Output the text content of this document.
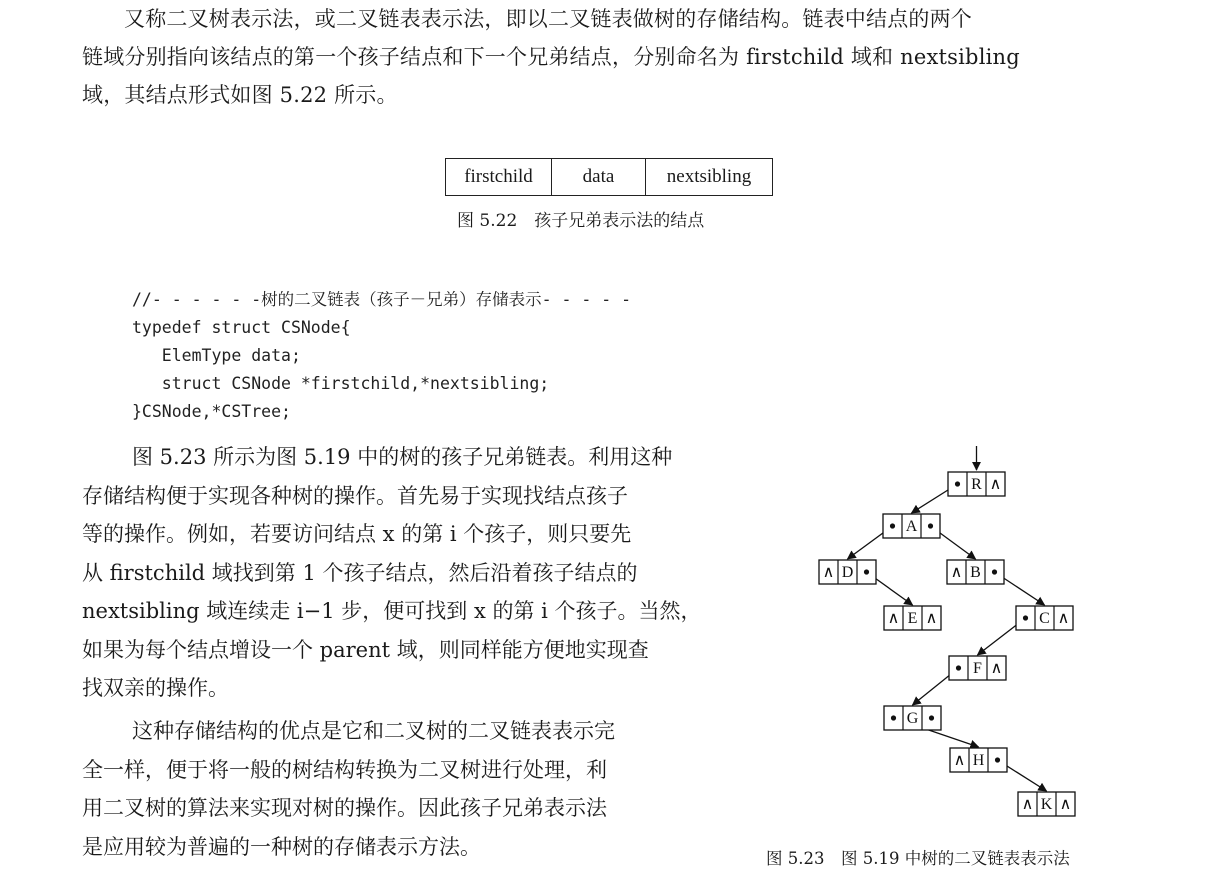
又称二叉树表示法，或二叉链表表示法，即以二叉链表做树的存储结构。链表中结点的两个
链域分别指向该结点的第一个孩子结点和下一个兄弟结点，分别命名为 firstchild 域和 nextsibling
域，其结点形式如图 5.22 所示。
firstchild	data	nextsibling
图 5.22　孩子兄弟表示法的结点
//- - - - - -树的二叉链表（孩子－兄弟）存储表示- - - - -
typedef struct CSNode{
ElemType data;
struct CSNode *firstchild,*nextsibling;
}CSNode,*CSTree;
图 5.23 所示为图 5.19 中的树的孩子兄弟链表。利用这种
存储结构便于实现各种树的操作。首先易于实现找结点孩子
等的操作。例如，若要访问结点 x 的第 i 个孩子，则只要先
从 firstchild 域找到第 1 个孩子结点，然后沿着孩子结点的
nextsibling 域连续走 i−1 步，便可找到 x 的第 i 个孩子。当然，
如果为每个结点增设一个 parent 域，则同样能方便地实现查
找双亲的操作。
这种存储结构的优点是它和二叉树的二叉链表表示完
全一样，便于将一般的树结构转换为二叉树进行处理，利
用二叉树的算法来实现对树的操作。因此孩子兄弟表示法
是应用较为普遍的一种树的存储表示方法。
R ∧
A
D
∧	B
∧
E
∧ ∧	C ∧
F ∧
G
H
∧
K
∧ ∧
图 5.23　图 5.19 中树的二叉链表表示法
